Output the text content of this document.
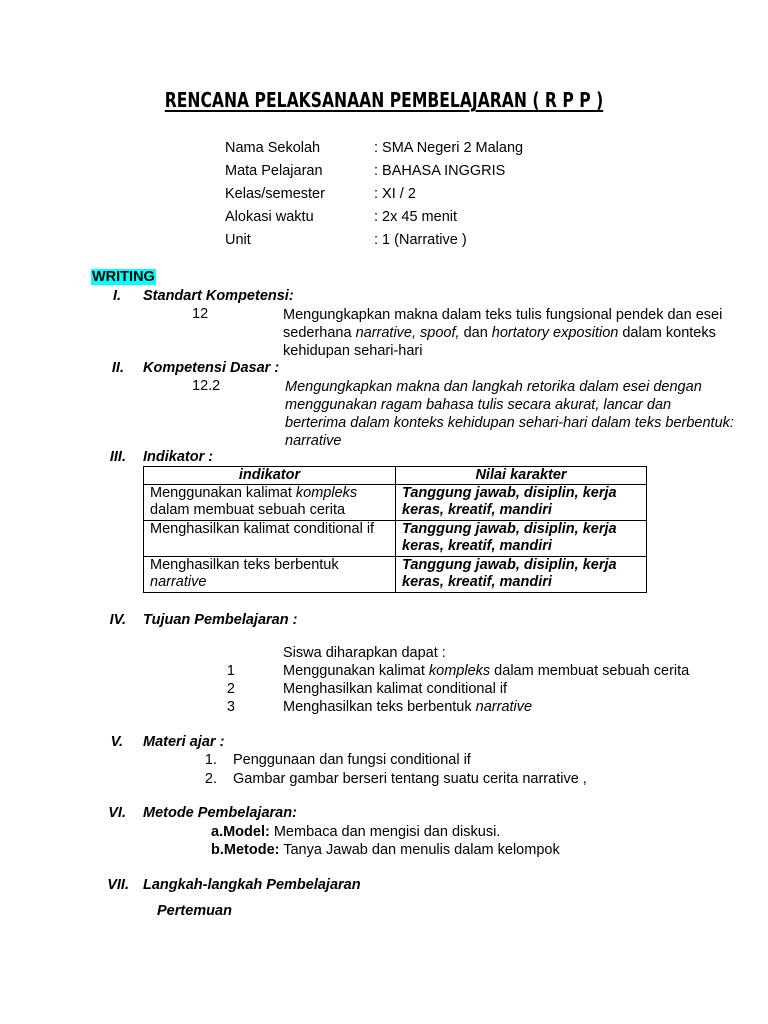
RENCANA PELAKSANAAN PEMBELAJARAN ( R P P )
Nama Sekolah	: SMA Negeri 2 Malang
Mata Pelajaran	: BAHASA INGGRIS
Kelas/semester	: XI / 2
Alokasi waktu	: 2x 45 menit
Unit	: 1 (Narrative )
WRITING
I. Standart Kompetensi:
12	Mengungkapkan makna dalam teks tulis fungsional pendek dan esei sederhana narrative, spoof, dan hortatory exposition dalam konteks kehidupan sehari-hari
II. Kompetensi Dasar :
12.2	Mengungkapkan makna dan langkah retorika dalam esei dengan menggunakan ragam bahasa tulis secara akurat, lancar dan berterima dalam konteks kehidupan sehari-hari dalam teks berbentuk: narrative
III. Indikator :
indikator	Nilai karakter
Menggunakan kalimat kompleks dalam membuat sebuah cerita	Tanggung jawab, disiplin, kerja keras, kreatif, mandiri
Menghasilkan kalimat conditional if	Tanggung jawab, disiplin, kerja keras, kreatif, mandiri
Menghasilkan teks berbentuk narrative	Tanggung jawab, disiplin, kerja keras, kreatif, mandiri
IV. Tujuan Pembelajaran :
Siswa diharapkan dapat :
1	Menggunakan kalimat kompleks dalam membuat sebuah cerita
2	Menghasilkan kalimat conditional if
3	Menghasilkan teks berbentuk narrative
V. Materi ajar :
1. Penggunaan dan fungsi conditional if
2. Gambar gambar berseri tentang suatu cerita narrative ,
VI. Metode Pembelajaran:
a.Model: Membaca dan mengisi dan diskusi.
b.Metode: Tanya Jawab dan menulis dalam kelompok
VII. Langkah-langkah Pembelajaran
Pertemuan
